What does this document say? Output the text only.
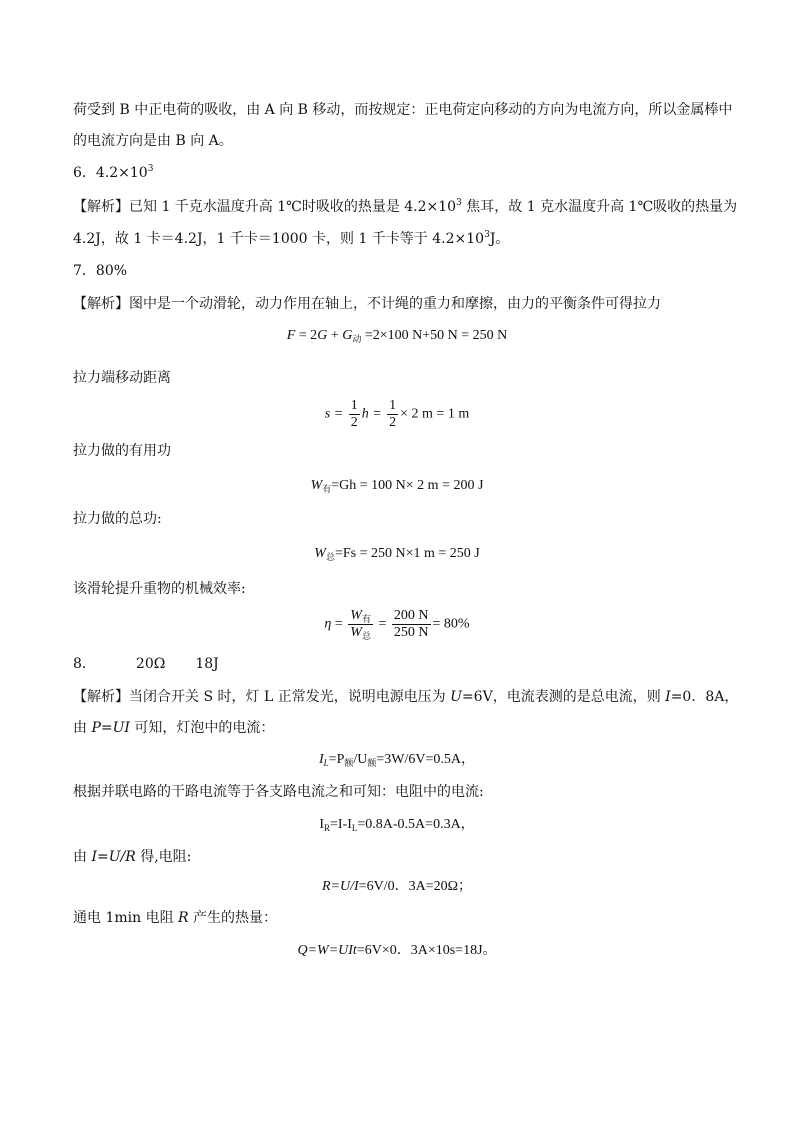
荷受到 B 中正电荷的吸收，由 A 向 B 移动，而按规定：正电荷定向移动的方向为电流方向，所以金属棒中
的电流方向是由 B 向 A。
6．$4.2\times 10^3$
【解析】已知 1 千克水温度升高 1℃时吸收的热量是 $4.2\times 10^3$ 焦耳，故 1 克水温度升高 1℃吸收的热量为
4.2J，故 1 卡＝4.2J，1 千卡＝1000 卡，则 1 千卡等于 $4.2\times 10^3J$。
7．80%
【解析】图中是一个动滑轮，动力作用在轴上，不计绳的重力和摩擦，由力的平衡条件可得拉力
$F = 2G + G_动 =2\times 100$ N+50 N = 250 N
拉力端移动距离
$s = \frac{1}{2}$ $h = \frac{1}{2} \times 2$ m = 1 m
拉力做的有用功
$W_有=Gh = 100$ N× 2 m = 200 J
拉力做的总功:
$W_总=Fs = 250$ N×1 m = 250 J
该滑轮提升重物的机械效率:
$\eta = \frac{W_有}{W_总} = \frac{200 N}{250 N} = 80\%$
8．	20Ω 18J
【解析】当闭合开关 S 时，灯 L 正常发光，说明电源电压为 U=6V，电流表测的是总电流，则 I=0．8A，
由 P=UI 可知，灯泡中的电流：
$I_L=P_额/U_额=3W/6V=0.5A$，
根据并联电路的干路电流等于各支路电流之和可知：电阻中的电流:
$I_R=I-I_L=0.8A-0.5A=0.3A$，
由 I=U/R 得,电阻:
R=U/I=6V/0．3A=20Ω；
通电 1min 电阻 R 产生的热量：
Q=W=UIt=6V×0．3A×10s=18J。
